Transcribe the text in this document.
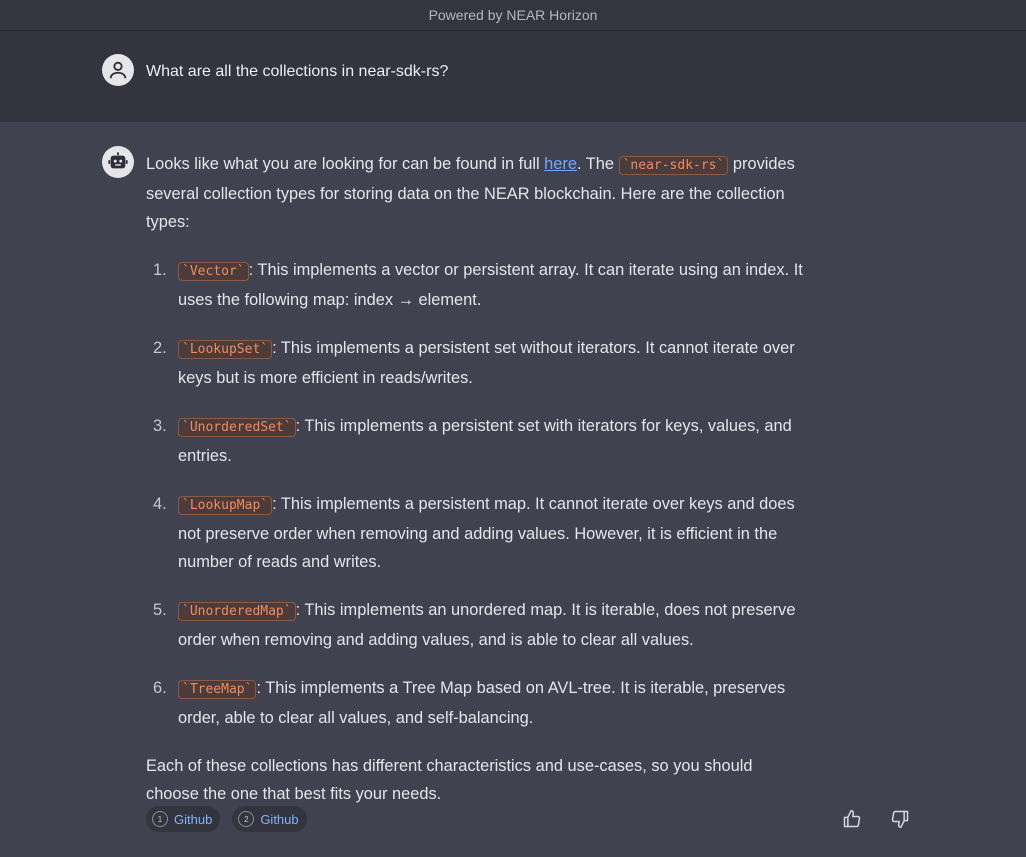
Powered by NEAR Horizon
What are all the collections in near-sdk-rs?

Looks like what you are looking for can be found in full here. The `near-sdk-rs` provides several collection types for storing data on the NEAR blockchain. Here are the collection types:

1. `Vector` : This implements a vector or persistent array. It can iterate using an index. It uses the following map: index → element.
2. `LookupSet` : This implements a persistent set without iterators. It cannot iterate over keys but is more efficient in reads/writes.
3. `UnorderedSet` : This implements a persistent set with iterators for keys, values, and entries.
4. `LookupMap` : This implements a persistent map. It cannot iterate over keys and does not preserve order when removing and adding values. However, it is efficient in the number of reads and writes.
5. `UnorderedMap` : This implements an unordered map. It is iterable, does not preserve order when removing and adding values, and is able to clear all values.
6. `TreeMap` : This implements a Tree Map based on AVL-tree. It is iterable, preserves order, able to clear all values, and self-balancing.

Each of these collections has different characteristics and use-cases, so you should choose the one that best fits your needs.

1 Github	2 Github
